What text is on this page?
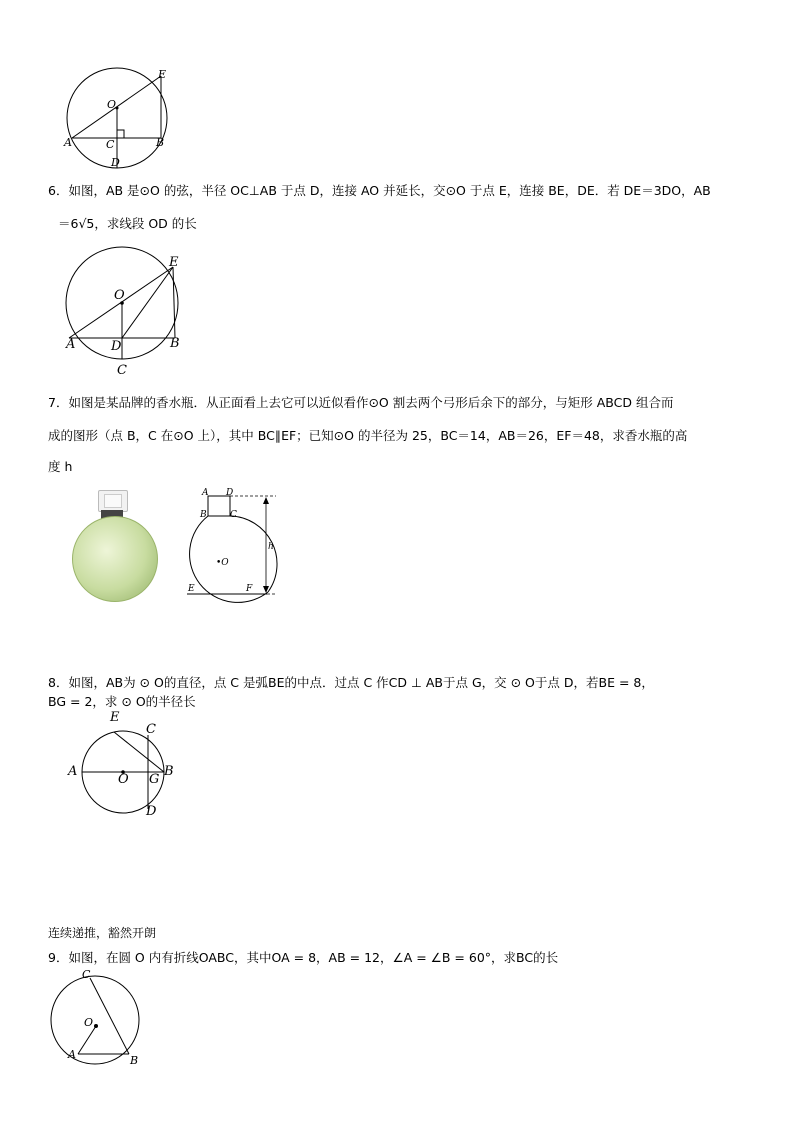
E
O
A	C	B
D
6．如图，AB 是⊙O 的弦，半径 OC⊥AB 于点 D，连接 AO 并延长，交⊙O 于点 E，连接 BE，DE．若 DE＝3DO，AB
＝6√5，求线段 OD 的长
E
O
A	D	B
C
7．如图是某品牌的香水瓶．从正面看上去它可以近似看作⊙O 割去两个弓形后余下的部分，与矩形 ABCD 组合而
成的图形（点 B，C 在⊙O 上），其中 BC∥EF；已知⊙O 的半径为 25，BC＝14，AB＝26，EF＝48，求香水瓶的高
度 h
A D
B	C
•O
h
E	F
8．如图，AB为 ⊙ O的直径，点 C 是弧BE的中点．过点 C 作CD ⊥ AB于点 G，交 ⊙ O于点 D，若BE = 8，
BG = 2，求 ⊙ O的半径长
E
C
A
O G
B
D
连续递推，豁然开朗
9．如图，在圆 O 内有折线OABC，其中OA = 8，AB = 12，∠A = ∠B = 60°，求BC的长
C
O
A	B
